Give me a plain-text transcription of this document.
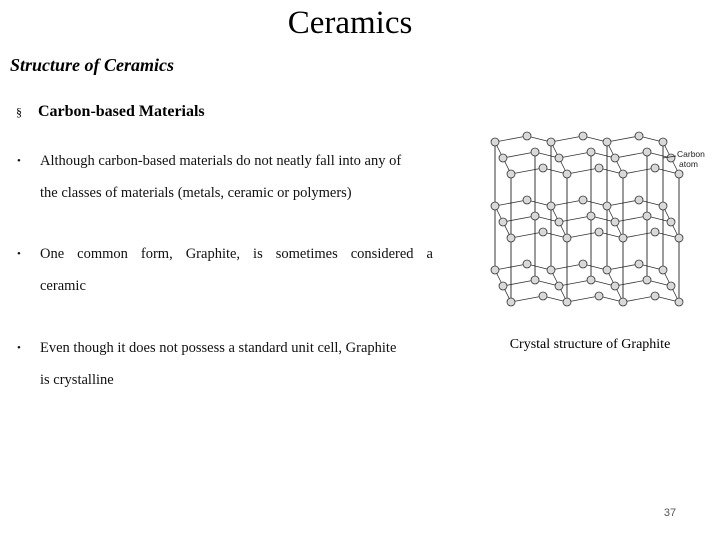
Ceramics
Structure of Ceramics
§ Carbon-based Materials
• Although carbon-based materials do not neatly fall into any of
the classes of materials (metals, ceramic or polymers)
• One common form, Graphite, is sometimes considered a
ceramic
• Even though it does not possess a standard unit cell, Graphite
is crystalline
Carbon
atom
Crystal structure of Graphite
37
